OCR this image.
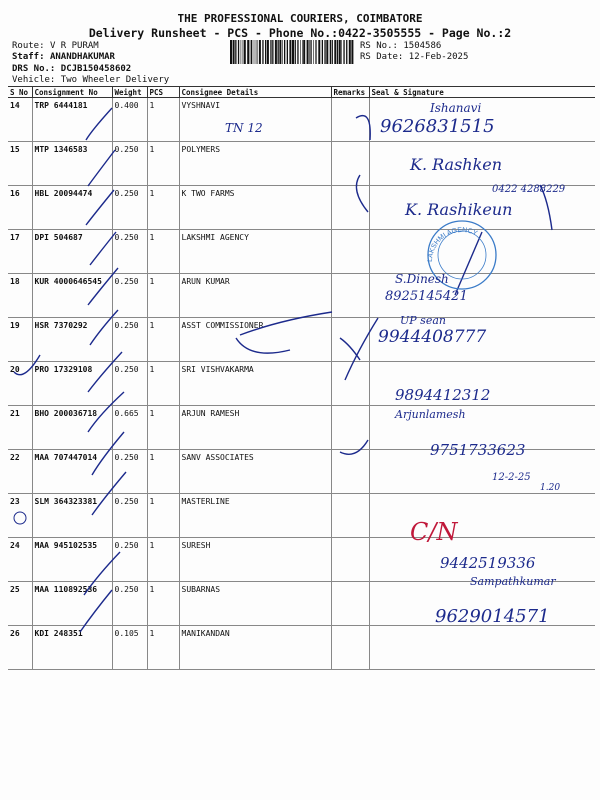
THE PROFESSIONAL COURIERS, COIMBATORE
Delivery Runsheet - PCS - Phone No.:0422-3505555 - Page No.:2
Route: V R PURAM
Staff: ANANDHAKUMAR
DRS No.: DCJB150458602
Vehicle: Two Wheeler Delivery
RS No.: 1504586
RS Date: 12-Feb-2025
S No	Consignment No	Weight	PCS	Consignee Details	Remarks	Seal & Signature
14	TRP 6444181	0.400	1	VYSHNAVI		
15	MTP 1346583	0.250	1	POLYMERS		
16	HBL 20094474	0.250	1	K TWO FARMS		
17	DPI 504687	0.250	1	LAKSHMI AGENCY		
18	KUR 4000646545	0.250	1	ARUN KUMAR		
19	HSR 7370292	0.250	1	ASST COMMISSIONER		
20	PRO 17329108	0.250	1	SRI VISHVAKARMA		
21	BHO 200036718	0.665	1	ARJUN RAMESH		
22	MAA 707447014	0.250	1	SANV ASSOCIATES		
23	SLM 364323381	0.250	1	MASTERLINE		
24	MAA 945102535	0.250	1	SURESH		
25	MAA 110892536	0.250	1	SUBARNAS		
26	KDI 248351	0.105	1	MANIKANDAN		
LAKSHMI AGENCY
Ishanavi
9626831515
TN 12
K. Rashken
0422 4288229
K. Rashikeun
S.Dinesh
8925145421
UP sean
9944408777
9894412312
Arjunlamesh
9751733623
12-2-25
1.20
C/N
9442519336
Sampathkumar
9629014571
